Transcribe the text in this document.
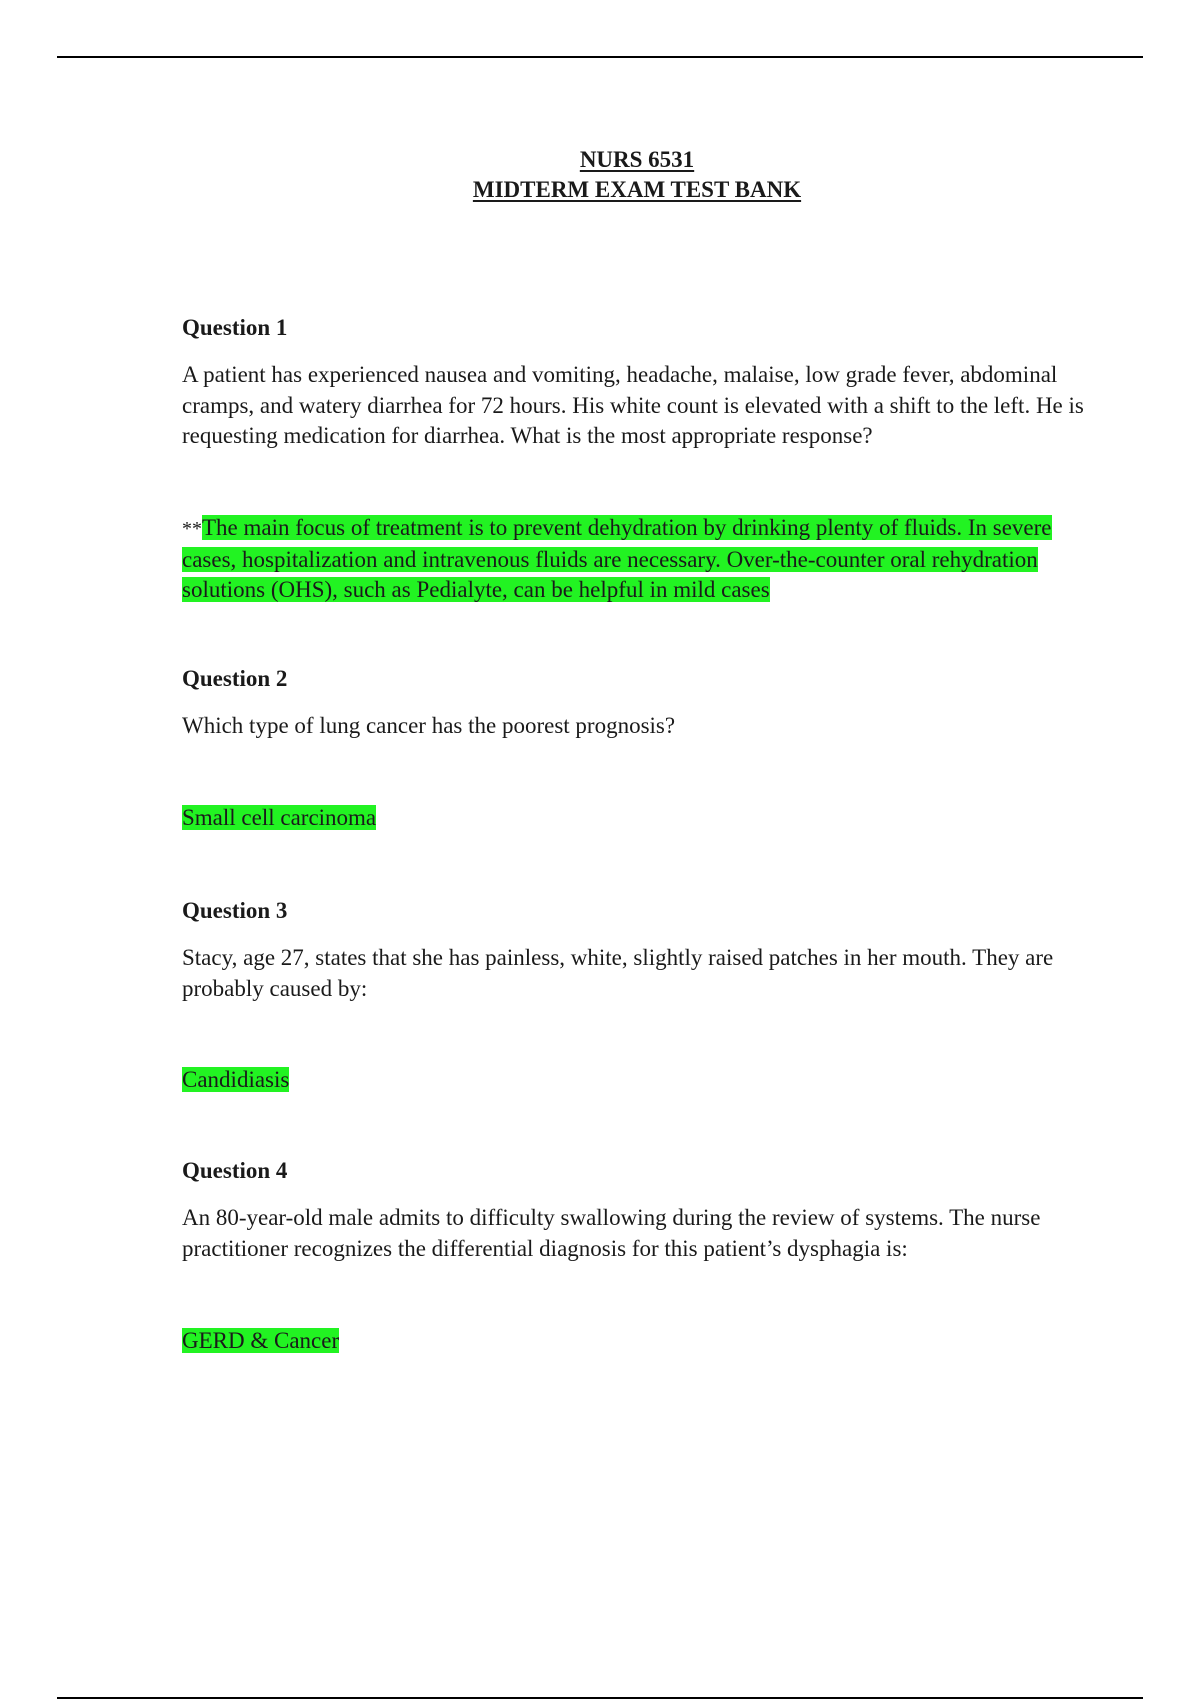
NURS 6531
MIDTERM EXAM TEST BANK
Question 1

A patient has experienced nausea and vomiting, headache, malaise, low grade fever, abdominal cramps, and watery diarrhea for 72 hours. His white count is elevated with a shift to the left. He is requesting medication for diarrhea. What is the most appropriate response?

**The main focus of treatment is to prevent dehydration by drinking plenty of fluids. In severe cases, hospitalization and intravenous fluids are necessary. Over-the-counter oral rehydration solutions (OHS), such as Pedialyte, can be helpful in mild cases

Question 2

Which type of lung cancer has the poorest prognosis?

Small cell carcinoma

Question 3

Stacy, age 27, states that she has painless, white, slightly raised patches in her mouth. They are probably caused by:

Candidiasis

Question 4

An 80-year-old male admits to difficulty swallowing during the review of systems. The nurse practitioner recognizes the differential diagnosis for this patient’s dysphagia is:

GERD & Cancer
